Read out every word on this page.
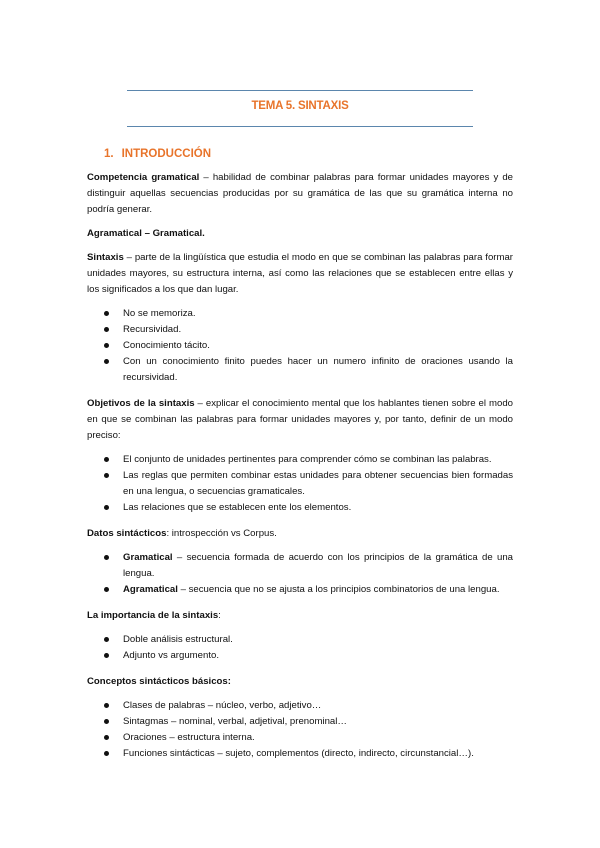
TEMA 5. SINTAXIS
1. INTRODUCCIÓN

Competencia gramatical – habilidad de combinar palabras para formar unidades mayores y de distinguir aquellas secuencias producidas por su gramática de las que su gramática interna no podría generar.

Agramatical – Gramatical.

Sintaxis – parte de la lingüística que estudia el modo en que se combinan las palabras para formar unidades mayores, su estructura interna, así como las relaciones que se establecen entre ellas y los significados a los que dan lugar.

No se memoriza.
Recursividad.
Conocimiento tácito.
Con un conocimiento finito puedes hacer un numero infinito de oraciones usando la recursividad.

Objetivos de la sintaxis – explicar el conocimiento mental que los hablantes tienen sobre el modo en que se combinan las palabras para formar unidades mayores y, por tanto, definir de un modo preciso:

El conjunto de unidades pertinentes para comprender cómo se combinan las palabras.
Las reglas que permiten combinar estas unidades para obtener secuencias bien formadas en una lengua, o secuencias gramaticales.
Las relaciones que se establecen ente los elementos.

Datos sintácticos: introspección vs Corpus.

Gramatical – secuencia formada de acuerdo con los principios de la gramática de una lengua.
Agramatical – secuencia que no se ajusta a los principios combinatorios de una lengua.

La importancia de la sintaxis:

Doble análisis estructural.
Adjunto vs argumento.

Conceptos sintácticos básicos:

Clases de palabras – núcleo, verbo, adjetivo…
Sintagmas – nominal, verbal, adjetival, prenominal…
Oraciones – estructura interna.
Funciones sintácticas – sujeto, complementos (directo, indirecto, circunstancial…).
